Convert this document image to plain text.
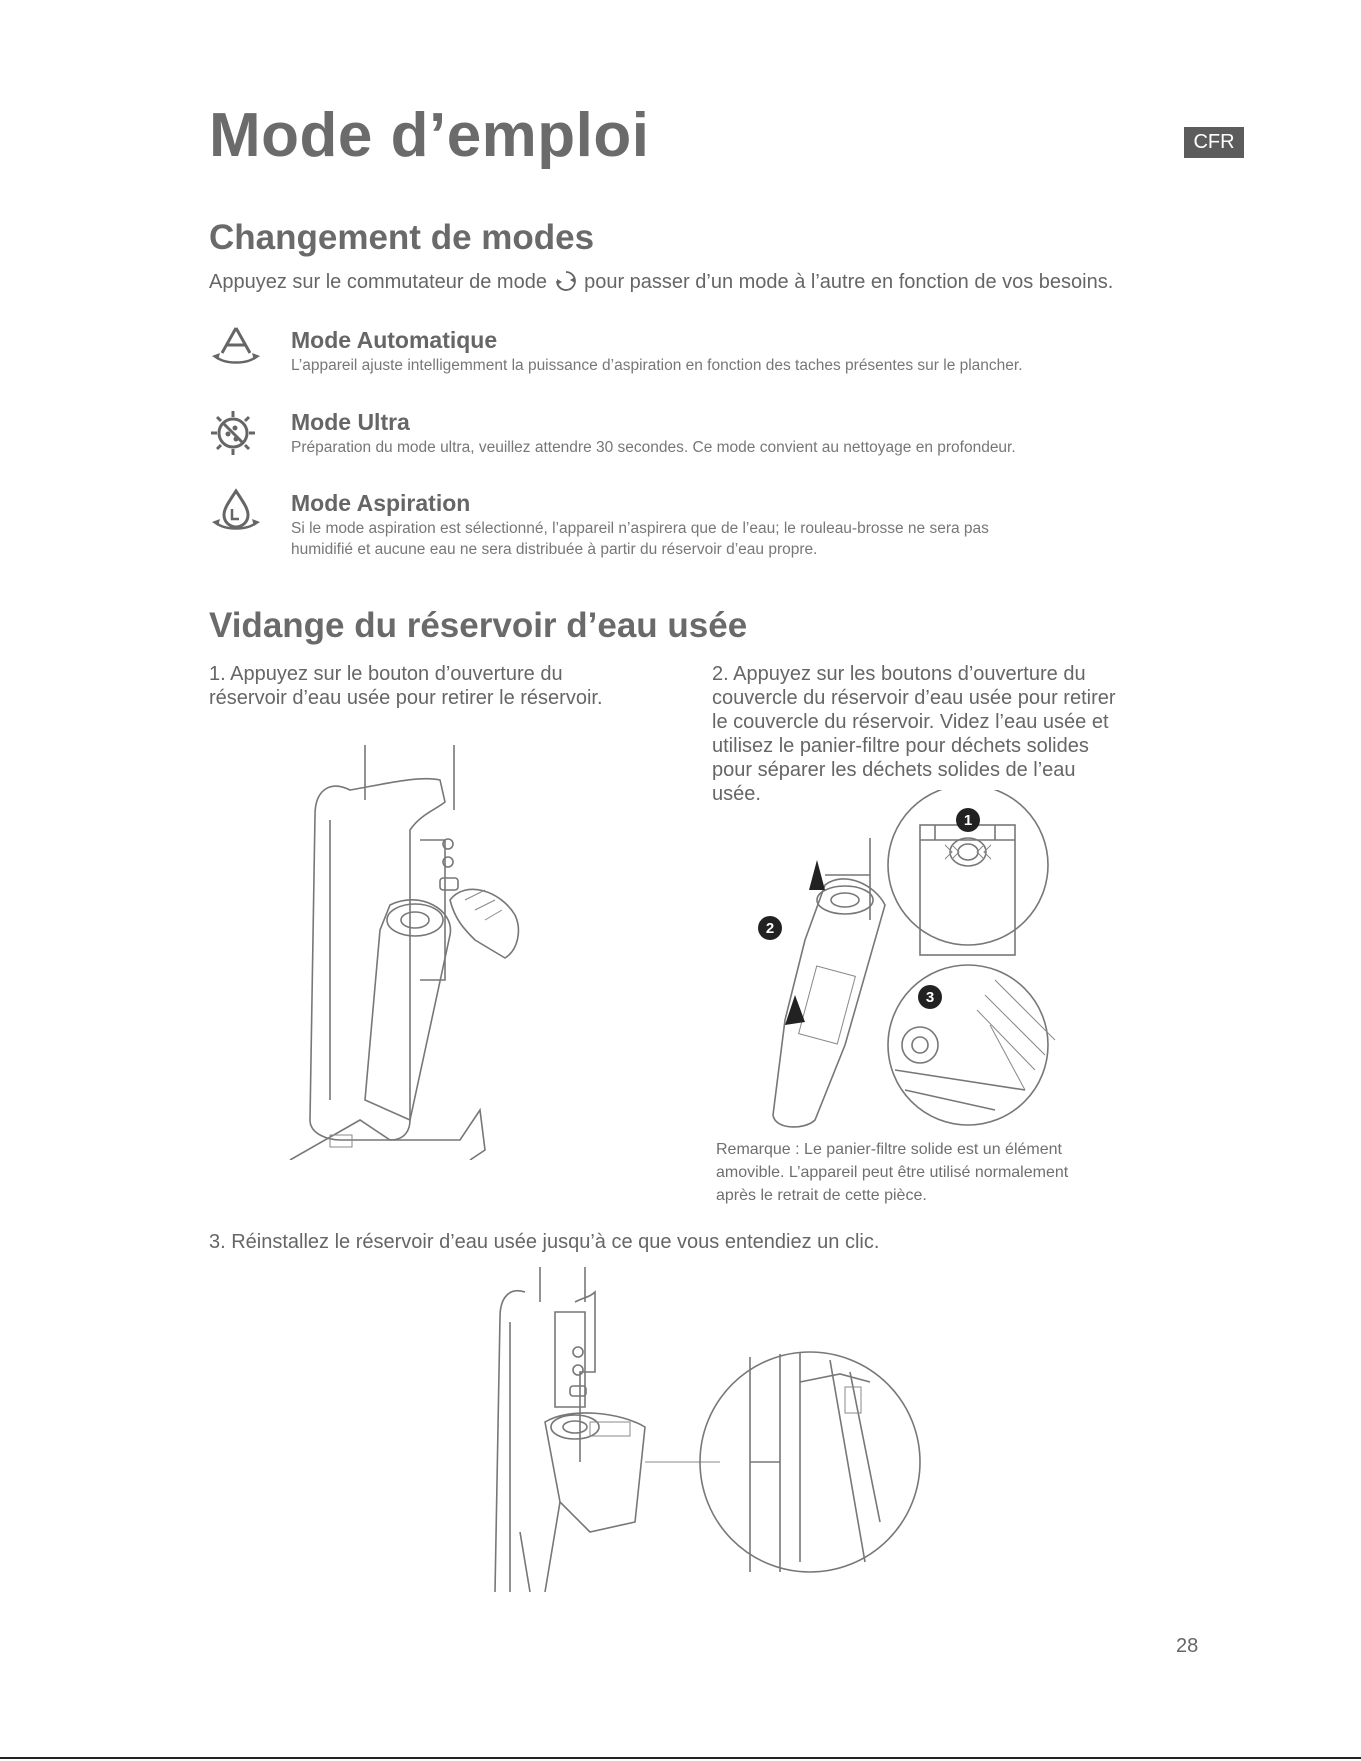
Mode d’emploi	CFR
Changement de modes
Appuyez sur le commutateur de mode pour passer d’un mode à l’autre en fonction de vos besoins.
Mode Automatique
L’appareil ajuste intelligemment la puissance d’aspiration en fonction des taches présentes sur le plancher.
Mode Ultra
Préparation du mode ultra, veuillez attendre 30 secondes. Ce mode convient au nettoyage en profondeur.
Mode Aspiration
Si le mode aspiration est sélectionné, l’appareil n’aspirera que de l’eau; le rouleau-brosse ne sera pas
humidifié et aucune eau ne sera distribuée à partir du réservoir d’eau propre.
Vidange du réservoir d’eau usée
1. Appuyez sur le bouton d’ouverture du
réservoir d’eau usée pour retirer le réservoir.
2. Appuyez sur les boutons d’ouverture du
couvercle du réservoir d’eau usée pour retirer
le couvercle du réservoir. Videz l’eau usée et
utilisez le panier-filtre pour déchets solides
pour séparer les déchets solides de l’eau
usée.
1
2
3
Remarque : Le panier-filtre solide est un élément
amovible. L’appareil peut être utilisé normalement
après le retrait de cette pièce.
3. Réinstallez le réservoir d’eau usée jusqu’à ce que vous entendiez un clic.
28
